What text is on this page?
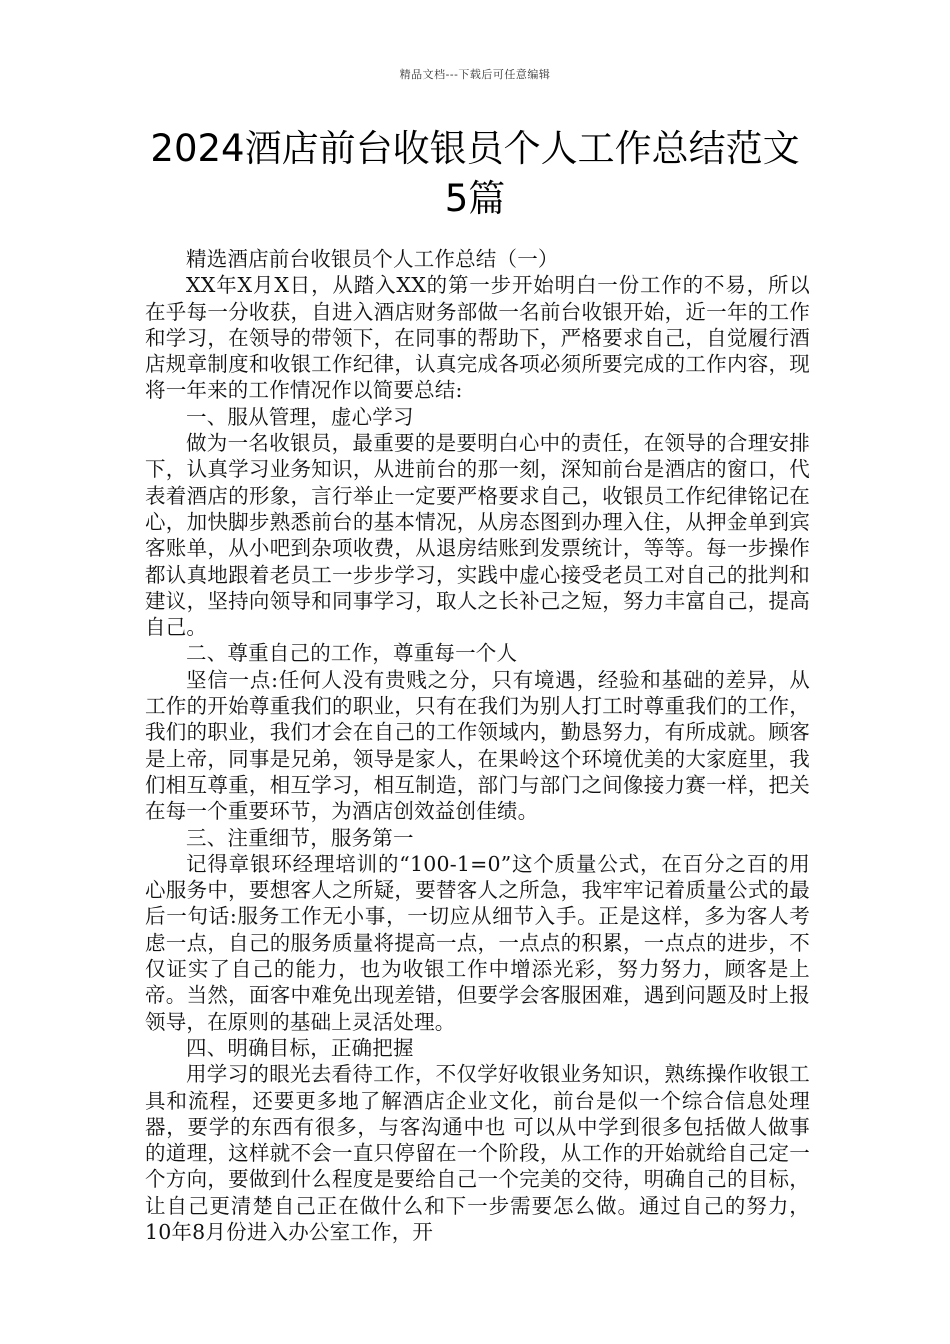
精品文档---下载后可任意编辑
2024酒店前台收银员个人工作总结范文
5篇

精选酒店前台收银员个人工作总结（一）

XX年X月X日，从踏入XX的第一步开始明白一份工作的不易，所以在乎每一分收获，自进入酒店财务部做一名前台收银开始，近一年的工作和学习，在领导的带领下，在同事的帮助下，严格要求自己，自觉履行酒店规章制度和收银工作纪律，认真完成各项必须所要完成的工作内容，现将一年来的工作情况作以简要总结:

一、服从管理，虚心学习

做为一名收银员，最重要的是要明白心中的责任，在领导的合理安排下，认真学习业务知识，从进前台的那一刻，深知前台是酒店的窗口，代表着酒店的形象，言行举止一定要严格要求自己，收银员工作纪律铭记在心，加快脚步熟悉前台的基本情况，从房态图到办理入住，从押金单到宾客账单，从小吧到杂项收费，从退房结账到发票统计，等等。每一步操作都认真地跟着老员工一步步学习，实践中虚心接受老员工对自己的批判和建议，坚持向领导和同事学习，取人之长补己之短，努力丰富自己，提高自己。

二、尊重自己的工作，尊重每一个人

坚信一点:任何人没有贵贱之分，只有境遇，经验和基础的差异，从工作的开始尊重我们的职业，只有在我们为别人打工时尊重我们的工作，我们的职业，我们才会在自己的工作领域内，勤恳努力，有所成就。顾客是上帝，同事是兄弟，领导是家人，在果岭这个环境优美的大家庭里，我们相互尊重，相互学习，相互制造，部门与部门之间像接力赛一样，把关在每一个重要环节，为酒店创效益创佳绩。

三、注重细节，服务第一

记得章银环经理培训的“100-1=0”这个质量公式，在百分之百的用心服务中，要想客人之所疑，要替客人之所急，我牢牢记着质量公式的最后一句话:服务工作无小事，一切应从细节入手。正是这样，多为客人考虑一点，自己的服务质量将提高一点，一点点的积累，一点点的进步，不仅证实了自己的能力，也为收银工作中增添光彩，努力努力，顾客是上帝。当然，面客中难免出现差错，但要学会客服困难，遇到问题及时上报领导，在原则的基础上灵活处理。

四、明确目标，正确把握

用学习的眼光去看待工作，不仅学好收银业务知识，熟练操作收银工具和流程，还要更多地了解酒店企业文化，前台是似一个综合信息处理器，要学的东西有很多，与客沟通中也 可以从中学到很多包括做人做事的道理，这样就不会一直只停留在一个阶段，从工作的开始就给自己定一个方向，要做到什么程度是要给自己一个完美的交待，明确自己的目标，让自己更清楚自己正在做什么和下一步需要怎么做。通过自己的努力，10年8月份进入办公室工作，开
